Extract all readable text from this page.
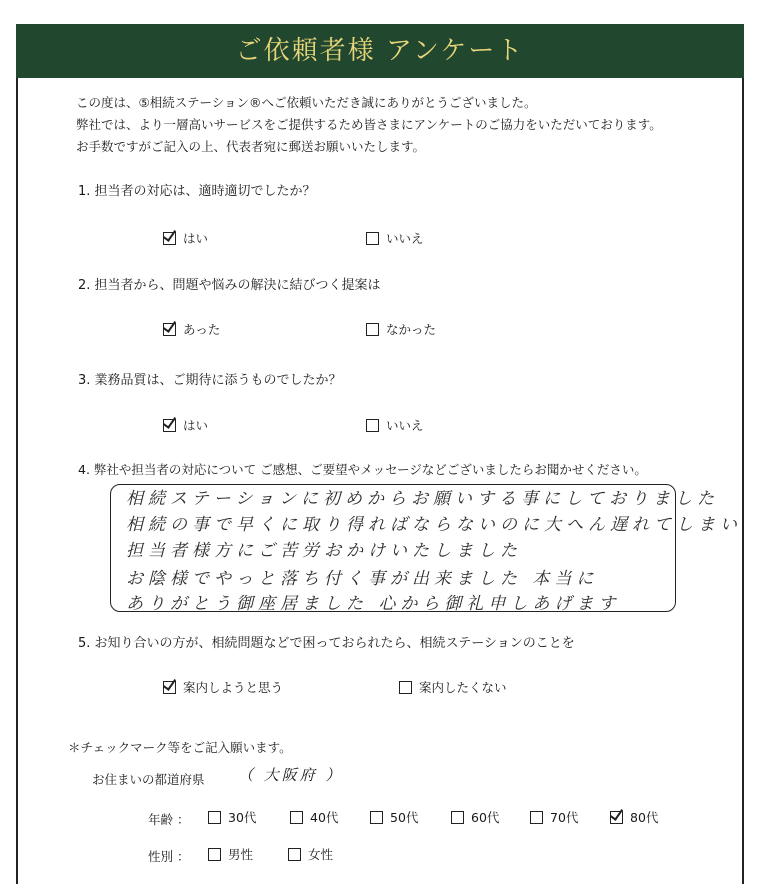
ご依頼者様 アンケート
この度は、⑤相続ステーション®へご依頼いただき誠にありがとうございました。
弊社では、より一層高いサービスをご提供するため皆さまにアンケートのご協力をいただいております。
お手数ですがご記入の上、代表者宛に郵送お願いいたします。
1. 担当者の対応は、適時適切でしたか？
はい	いいえ
2. 担当者から、問題や悩みの解決に結びつく提案は
あった	なかった
3. 業務品質は、ご期待に添うものでしたか？
はい	いいえ
4. 弊社や担当者の対応について ご感想、ご要望やメッセージなどございましたらお聞かせください。
相続ステーションに初めからお願いする事にしておりました
相続の事で早くに取り得ればならないのに大へん遅れてしまい
担当者様方にご苦労おかけいたしました
お陰様でやっと落ち付く事が出来ました 本当に
ありがとう御座居ました 心から御礼申しあげます
5. お知り合いの方が、相続問題などで困っておられたら、相続ステーションのことを
案内しようと思う	案内したくない
＊チェックマーク等をご記入願います。
お住まいの都道府県 （ 大阪府 ）
年齢 ：	30代	40代	50代	60代	70代	80代
性別 ：	男性	女性
